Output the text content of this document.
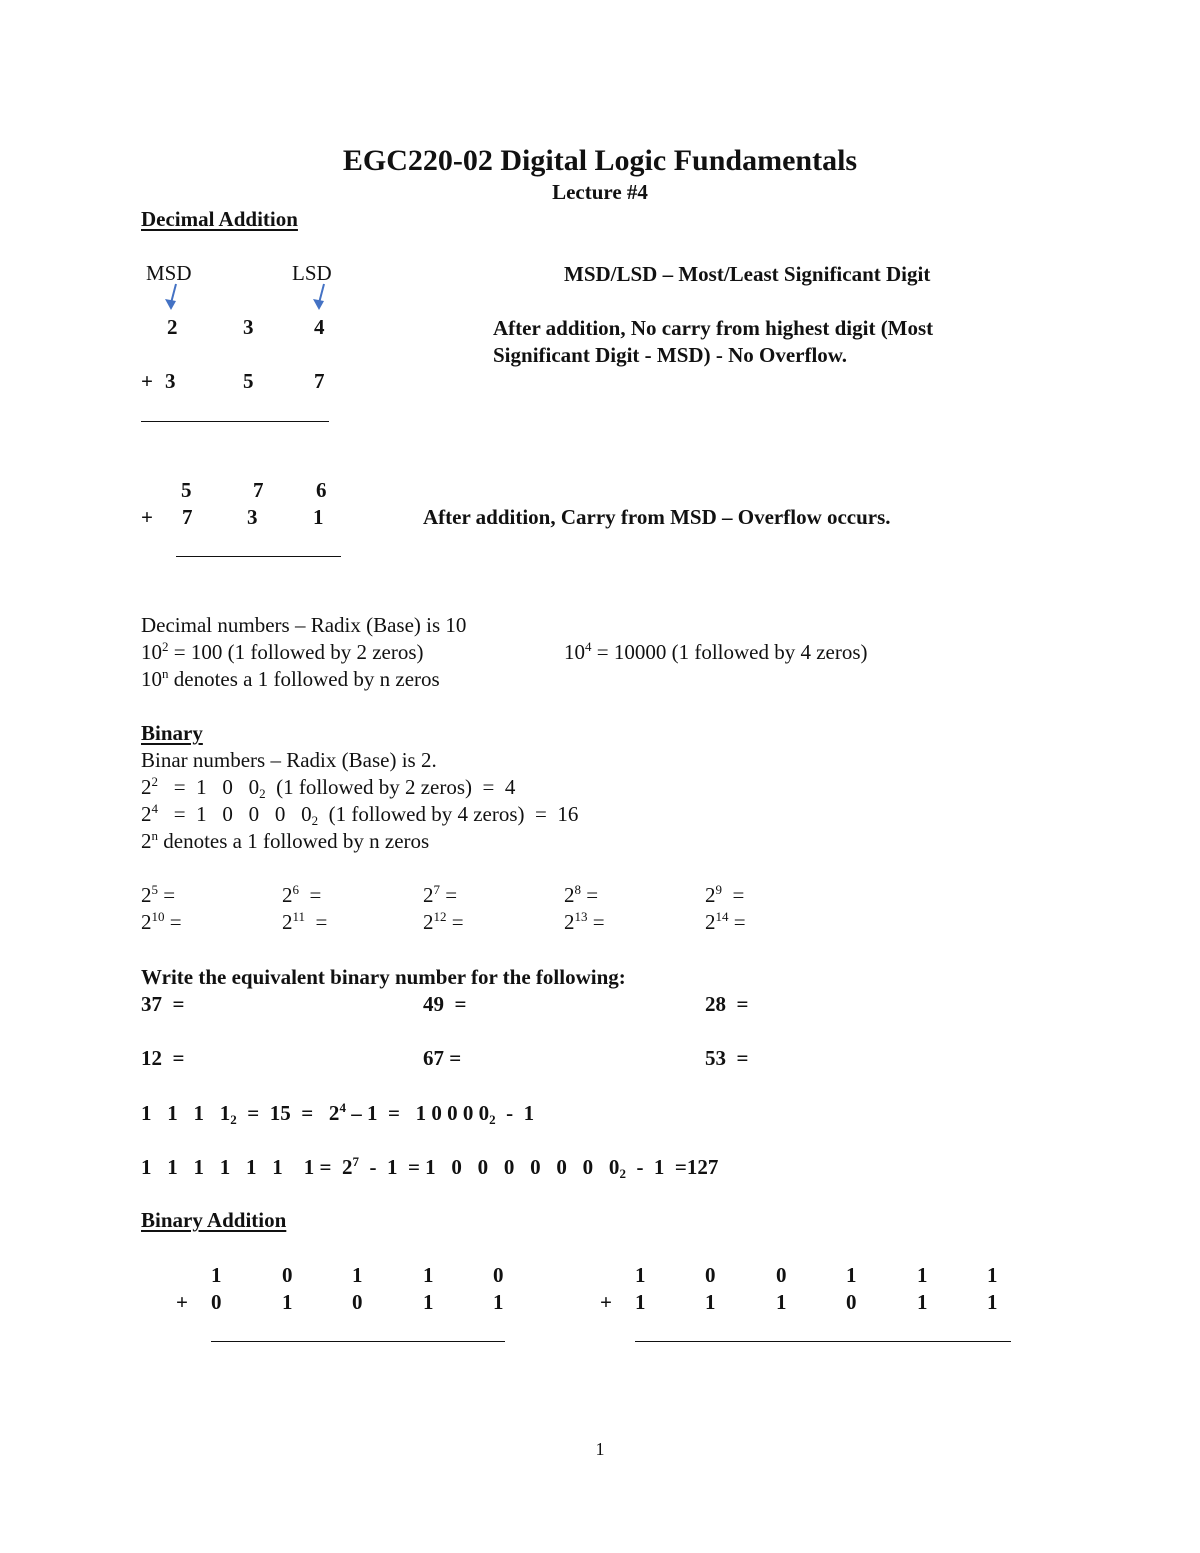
EGC220-02 Digital Logic Fundamentals
Lecture #4
Decimal Addition
MSD	LSD	MSD/LSD – Most/Least Significant Digit
2	3	4	After addition, No carry from highest digit (Most
Significant Digit - MSD) - No Overflow.
+ 3	5	7
5	7	6
+ 7	3	1	After addition, Carry from MSD – Overflow occurs.
Decimal numbers – Radix (Base) is 10
$10^2 = 100$ (1 followed by 2 zeros)	$10^4 = 10000$ (1 followed by 4 zeros)
10$^n$ denotes a 1 followed by n zeros
Binary
Binar numbers – Radix (Base) is 2.
$2^2 = 1$   0   $0_2$  (1 followed by 2 zeros)  =  4
$2^4 = 1$   0   0   0   $0_2$  (1 followed by 4 zeros)  =  16
2$^n$ denotes a 1 followed by n zeros
$2^5$ =	$2^6$  =	$2^7$ =	$2^8$ =	$2^9$  =
$2^{10}$ =	$2^{11}$  =	$2^{12}$ =	$2^{13}$ =	$2^{14}$ =
Write the equivalent binary number for the following:
37  =	49  =	28  =
12  =	67 =	53  =
1   1   1   $1_2 = 15 = 2^4 - 1 = 1$ 0 0 0 $0_2 - 1$
1   1   1   1   1   1    $1 = 2^7 - 1 = 1$   0   0   0   0   0   0   $0_2 - 1 =127$
Binary Addition
1	0	1	1	0
+ 0	1	0	1	1
1	0	0	1	1	1
+ 1	1	1	0	1	1
1
